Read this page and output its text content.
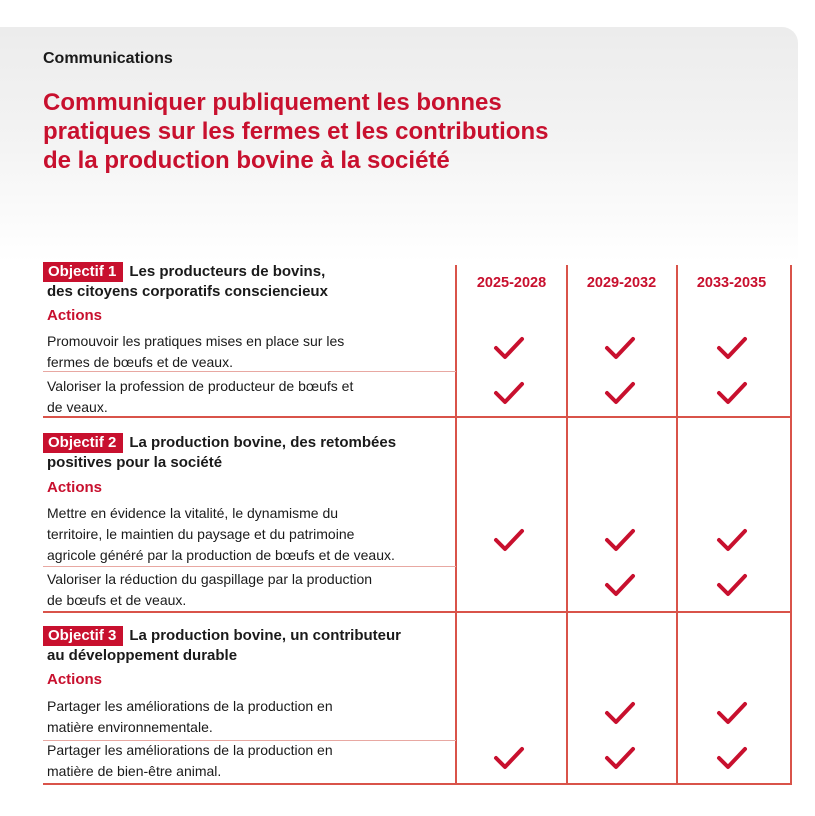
Communications
Communiquer publiquement les bonnes
pratiques sur les fermes et les contributions
de la production bovine à la société
2025-2028	2029-2032	2033-2035
Objectif 1 Les producteurs de bovins,
des citoyens corporatifs consciencieux
Actions
Promouvoir les pratiques mises en place sur les
fermes de bœufs et de veaux.
Valoriser la profession de producteur de bœufs et
de veaux.
Objectif 2 La production bovine, des retombées
positives pour la société
Actions
Mettre en évidence la vitalité, le dynamisme du
territoire, le maintien du paysage et du patrimoine
agricole généré par la production de bœufs et de veaux.
Valoriser la réduction du gaspillage par la production
de bœufs et de veaux.
Objectif 3 La production bovine, un contributeur
au développement durable
Actions
Partager les améliorations de la production en
matière environnementale.
Partager les améliorations de la production en
matière de bien-être animal.
